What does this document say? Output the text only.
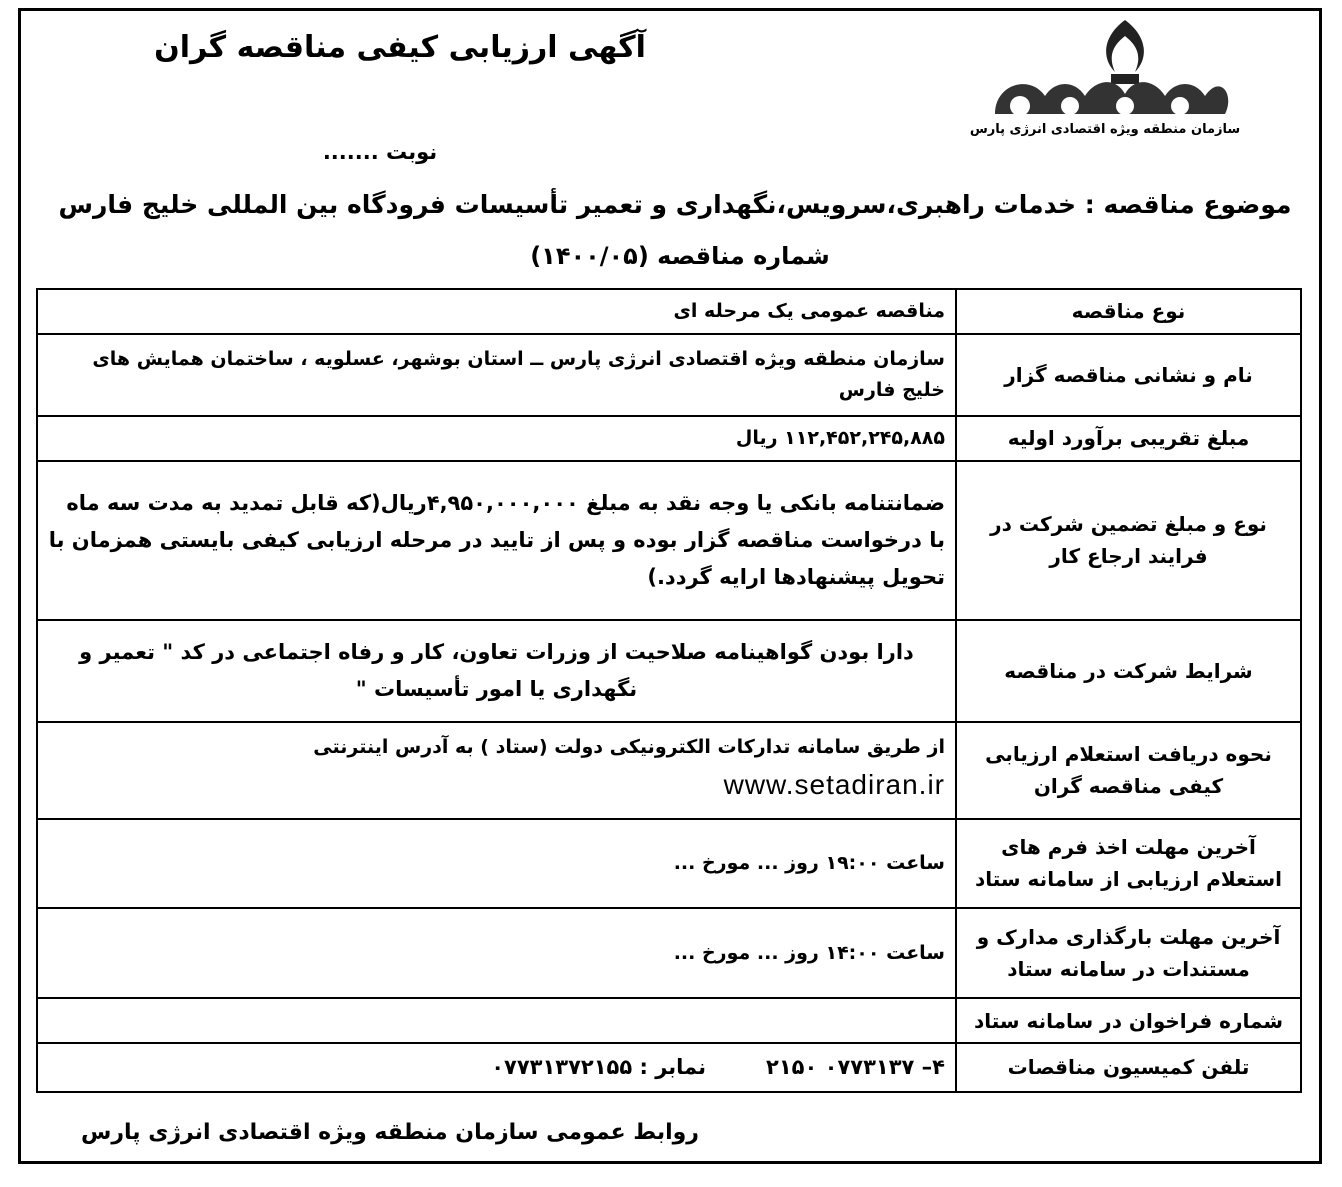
سازمان منطقه ویژه اقتصادی انرژی پارس
آگهی ارزیابی کیفی مناقصه گران
نوبت .......
موضوع مناقصه : خدمات راهبری،سرویس،نگهداری و تعمیر تأسیسات فرودگاه بین المللی خلیج فارس
شماره مناقصه (۱۴۰۰/۰۵)
نوع مناقصه	مناقصه عمومی یک مرحله ای
نام و نشانی مناقصه گزار	سازمان منطقه ویژه اقتصادی انرژی پارس ــ استان بوشهر، عسلویه ، ساختمان همایش های خلیج فارس
مبلغ تقریبی برآورد اولیه	۱۱۲,۴۵۲,۲۴۵,۸۸۵ ریال
نوع و مبلغ تضمین شرکت در فرایند ارجاع کار	ضمانتنامه بانکی یا وجه نقد به مبلغ ۴,۹۵۰,۰۰۰,۰۰۰ریال(که قابل تمدید به مدت سه ماه با درخواست مناقصه گزار بوده و پس از تایید در مرحله ارزیابی کیفی بایستی همزمان با تحویل پیشنهادها ارایه گردد.)
شرایط شرکت در مناقصه	دارا بودن گواهینامه صلاحیت از وزرات تعاون، کار و رفاه اجتماعی در کد " تعمیر و نگهداری یا امور تأسیسات "
نحوه دریافت استعلام ارزیابی کیفی مناقصه گران	از طریق سامانه تدارکات الکترونیکی دولت (ستاد ) به آدرس اینترنتی
www.setadiran.ir

آخرین مهلت اخذ فرم های استعلام ارزیابی از سامانه ستاد	ساعت ۱۹:۰۰ روز ... مورخ ...
آخرین مهلت بارگذاری مدارک و مستندات در سامانه ستاد	ساعت ۱۴:۰۰ روز ... مورخ ...
شماره فراخوان در سامانه ستاد	
تلفن کمیسیون مناقصات	۴– ۰۷۷۳۱۳۷ ۲۱۵۰نمابر : ۰۷۷۳۱۳۷۲۱۵۵
روابط عمومی سازمان منطقه ویژه اقتصادی انرژی پارس
